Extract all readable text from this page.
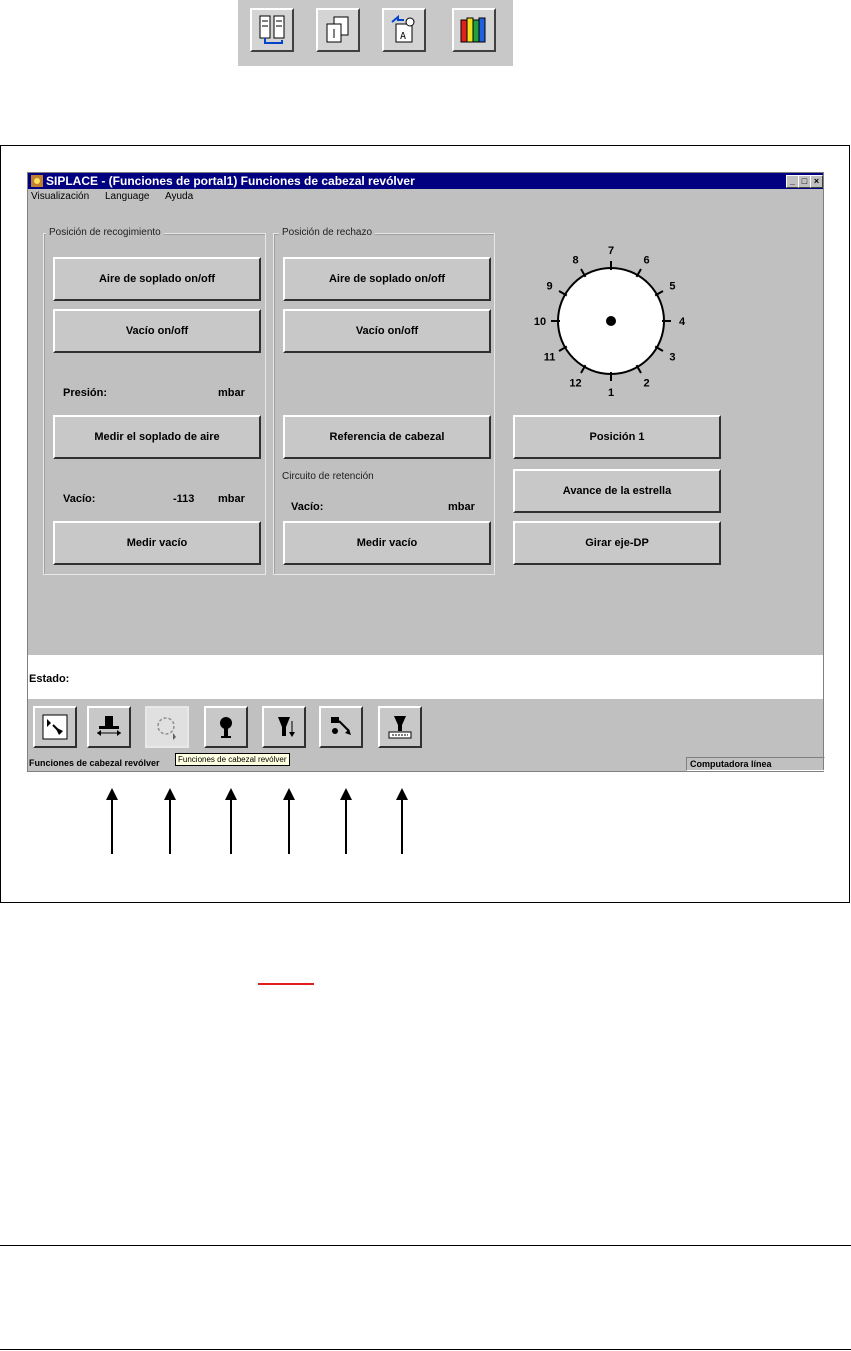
A
SIPLACE - (Funciones de portal1) Funciones de cabezal revólver	_ □ ×
Visualización Language Ayuda
Posición de recogimiento
Aire de soplado on/off
Vacío on/off
Presión:	mbar
Medir el soplado de aire
Vacío:	-113 mbar
Medir vacío
Posición de rechazo
Aire de soplado on/off
Vacío on/off
Referencia de cabezal
Circuito de retención
Vacío:	mbar
Medir vacío
1
2
3
4
5
6
7
8
9
10
11
12
Posición 1
Avance de la estrella
Girar eje-DP
Estado:
Funciones de cabezal revólver
Funciones de cabezal revólver	Computadora línea
